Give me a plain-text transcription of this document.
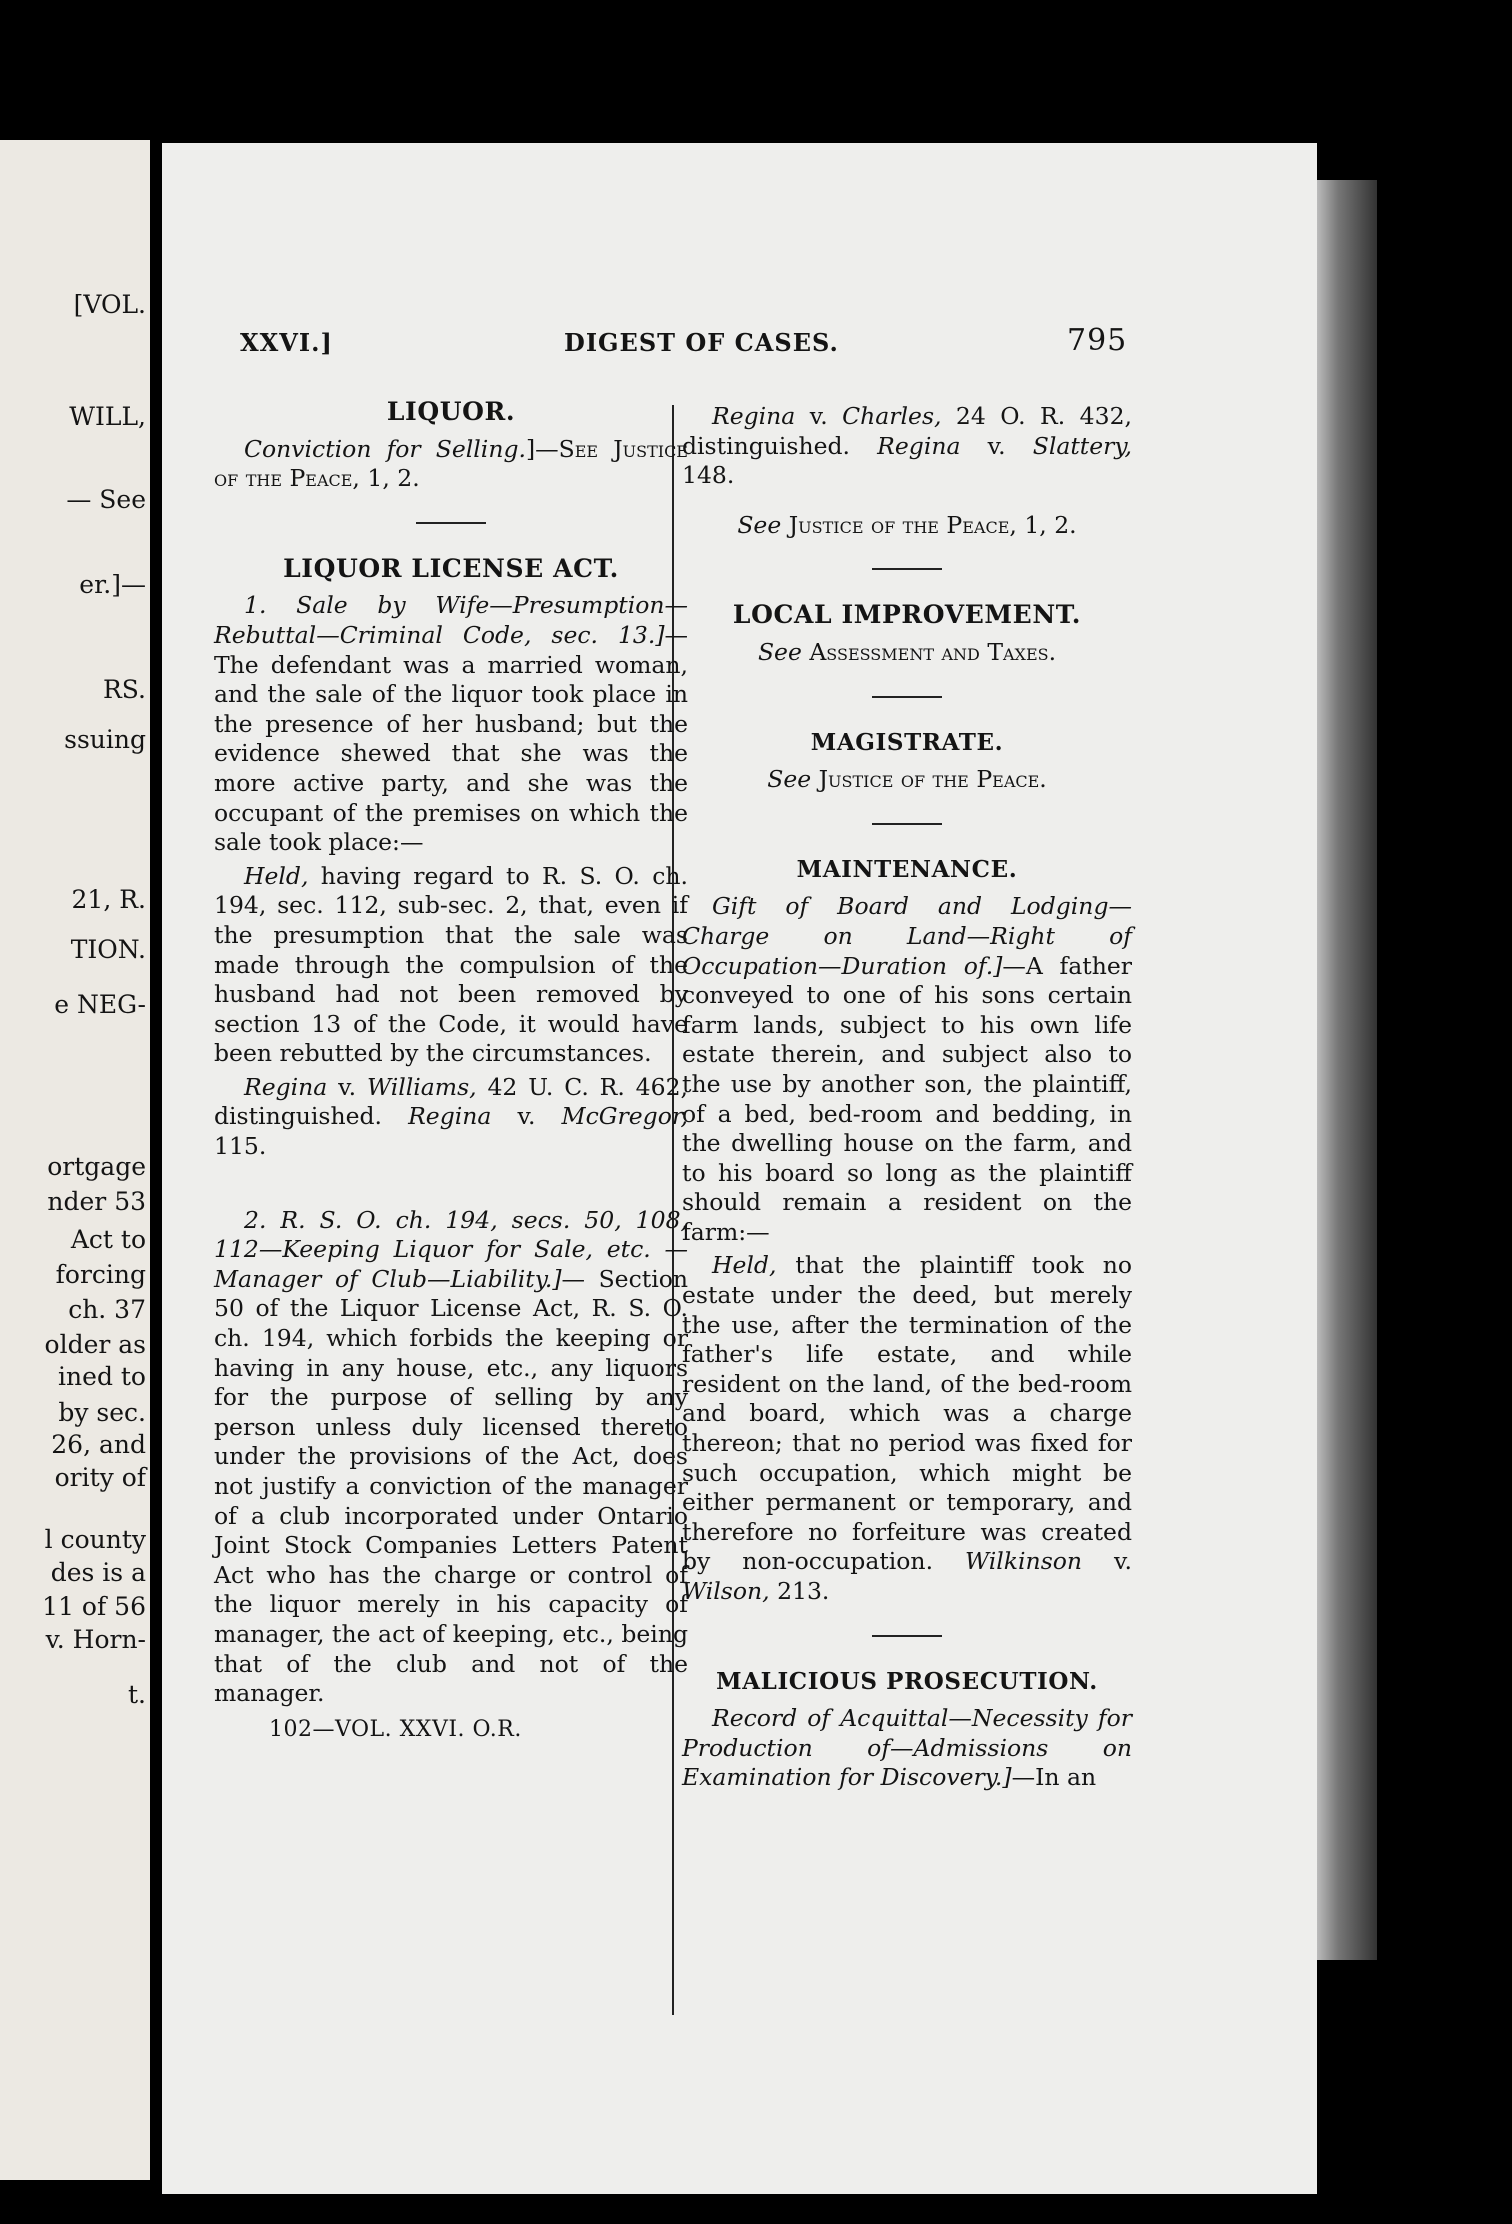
[VOL.
WILL,
— See
er.]—
RS.
ssuing
21, R.
TION.
e NEG-
ortgage
nder 53
Act to
forcing
ch. 37
older as
ined to
by sec.
26, and
ority of
l county
des is a
11 of 56
v. Horn-
t.
XXVI.]	DIGEST OF CASES.	795
LIQUOR.

Conviction for Selling.]—See Justice of the Peace, 1, 2.

LIQUOR LICENSE ACT.

1. Sale by Wife—Presumption—Rebuttal—Criminal Code, sec. 13.]—The defendant was a married woman, and the sale of the liquor took place in the presence of her husband; but the evidence shewed that she was the more active party, and she was the occupant of the premises on which the sale took place:—

Held, having regard to R. S. O. ch. 194, sec. 112, sub-sec. 2, that, even if the presumption that the sale was made through the compulsion of the husband had not been removed by section 13 of the Code, it would have been rebutted by the circumstances.

Regina v. Williams, 42 U. C. R. 462, distinguished. Regina v. McGregor, 115.

2. R. S. O. ch. 194, secs. 50, 108, 112—Keeping Liquor for Sale, etc. —Manager of Club—Liability.]— Section 50 of the Liquor License Act, R. S. O. ch. 194, which forbids the keeping or having in any house, etc., any liquors for the purpose of selling by any person unless duly licensed thereto under the provisions of the Act, does not justify a conviction of the manager of a club incorporated under Ontario Joint Stock Companies Letters Patent Act who has the charge or control of the liquor merely in his capacity of manager, the act of keeping, etc., being that of the club and not of the manager.

102—VOL. XXVI. O.R.

Regina v. Charles, 24 O. R. 432, distinguished. Regina v. Slattery, 148.

See Justice of the Peace, 1, 2.

LOCAL IMPROVEMENT.

See Assessment and Taxes.

MAGISTRATE.

See Justice of the Peace.

MAINTENANCE.

Gift of Board and Lodging—Charge on Land—Right of Occupation—Duration of.]—A father conveyed to one of his sons certain farm lands, subject to his own life estate therein, and subject also to the use by another son, the plaintiff, of a bed, bed-room and bedding, in the dwelling house on the farm, and to his board so long as the plaintiff should remain a resident on the farm:—

Held, that the plaintiff took no estate under the deed, but merely the use, after the termination of the father's life estate, and while resident on the land, of the bed-room and board, which was a charge thereon; that no period was fixed for such occupation, which might be either permanent or temporary, and therefore no forfeiture was created by non-occupation. Wilkinson v. Wilson, 213.

MALICIOUS PROSECUTION.

Record of Acquittal—Necessity for Production of—Admissions on Examination for Discovery.]—In an
